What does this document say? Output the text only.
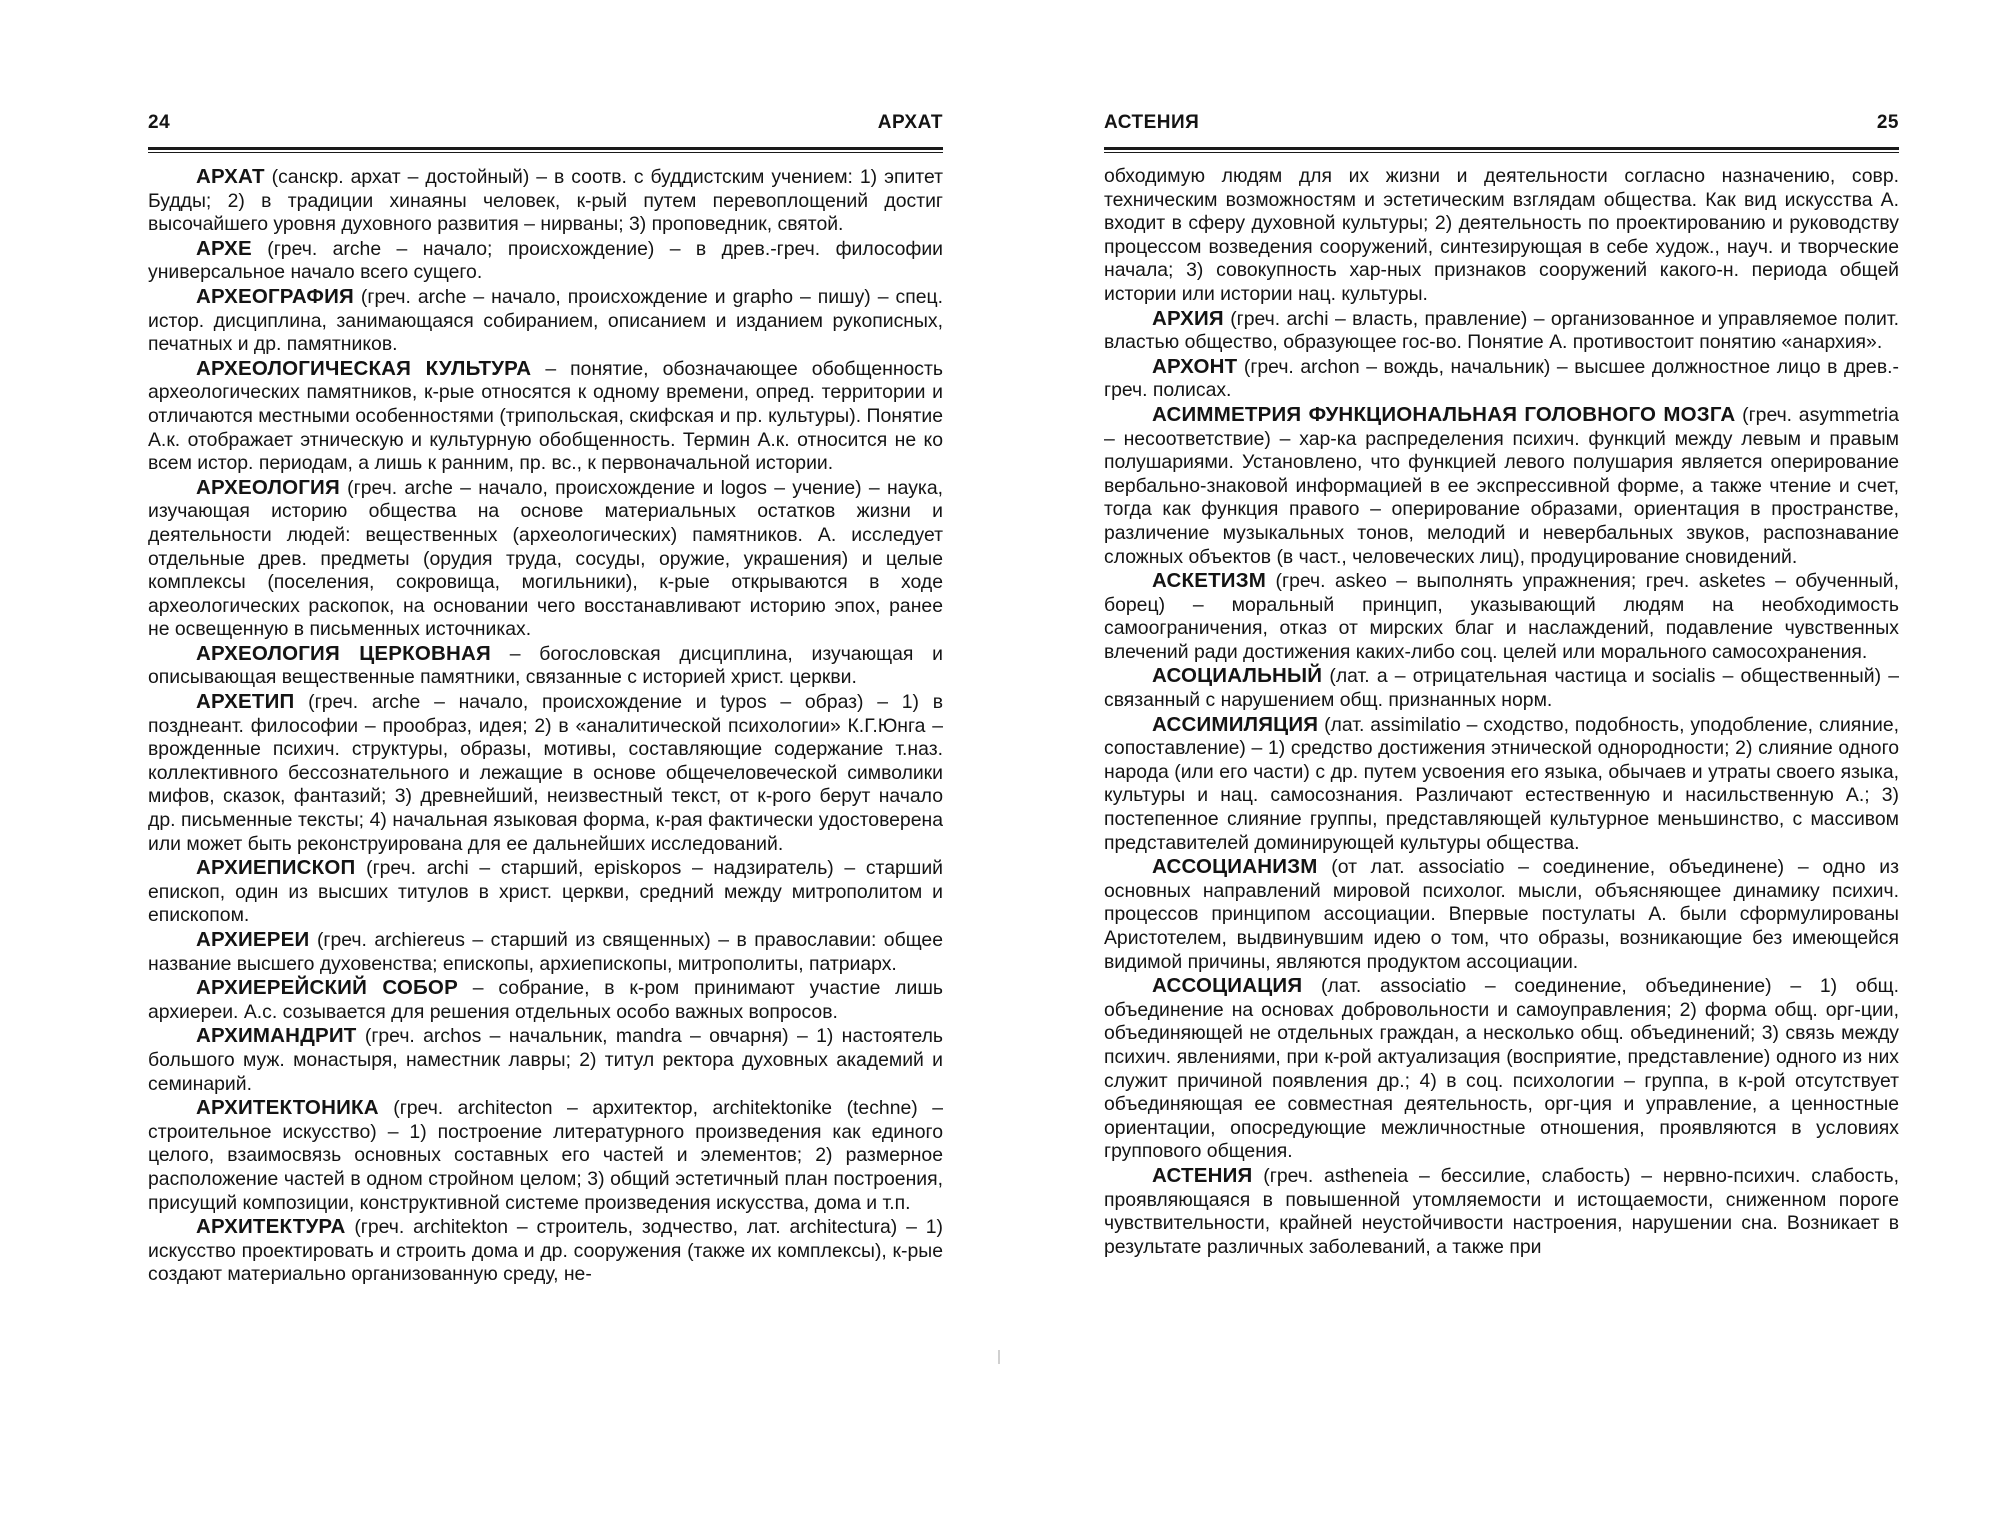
24	АРХАТ

АРХАТ (санскр. архат – достойный) – в соотв. с буддистским учением: 1) эпитет Будды; 2) в традиции хинаяны человек, к-рый путем перевоплощений достиг высочайшего уровня духовного развития – нирваны; 3) проповедник, святой.

АРХЕ (греч. arche – начало; происхождение) – в древ.-греч. философии универсальное начало всего сущего.

АРХЕОГРАФИЯ (греч. arche – начало, происхождение и grapho – пишу) – спец. истор. дисциплина, занимающаяся собиранием, описанием и изданием рукописных, печатных и др. памятников.

АРХЕОЛОГИЧЕСКАЯ КУЛЬТУРА – понятие, обозначающее обобщенность археологических памятников, к-рые относятся к одному времени, опред. территории и отличаются местными особенностями (трипольская, скифская и пр. культуры). Понятие А.к. отображает этническую и культурную обобщенность. Термин А.к. относится не ко всем истор. периодам, а лишь к ранним, пр. вс., к первоначальной истории.

АРХЕОЛОГИЯ (греч. arche – начало, происхождение и logos – учение) – наука, изучающая историю общества на основе материальных остатков жизни и деятельности людей: вещественных (археологических) памятников. А. исследует отдельные древ. предметы (орудия труда, сосуды, оружие, украшения) и целые комплексы (поселения, сокровища, могильники), к-рые открываются в ходе археологических раскопок, на основании чего восстанавливают историю эпох, ранее не освещенную в письменных источниках.

АРХЕОЛОГИЯ ЦЕРКОВНАЯ – богословская дисциплина, изучающая и описывающая вещественные памятники, связанные с историей христ. церкви.

АРХЕТИП (греч. arche – начало, происхождение и typos – образ) – 1) в позднеант. философии – прообраз, идея; 2) в «аналитической психологии» К.Г.Юнга – врожденные психич. структуры, образы, мотивы, составляющие содержание т.наз. коллективного бессознательного и лежащие в основе общечеловеческой символики мифов, сказок, фантазий; 3) древнейший, неизвестный текст, от к-рого берут начало др. письменные тексты; 4) начальная языковая форма, к-рая фактически удостоверена или может быть реконструирована для ее дальнейших исследований.

АРХИЕПИСКОП (греч. archi – старший, episkopos – надзиратель) – старший епископ, один из высших титулов в христ. церкви, средний между митрополитом и епископом.

АРХИЕРЕИ (греч. archiereus – старший из священных) – в православии: общее название высшего духовенства; епископы, архиепископы, митрополиты, патриарх.

АРХИЕРЕЙСКИЙ СОБОР – собрание, в к-ром принимают участие лишь архиереи. А.с. созывается для решения отдельных особо важных вопросов.

АРХИМАНДРИТ (греч. archos – начальник, mandra – овчарня) – 1) настоятель большого муж. монастыря, наместник лавры; 2) титул ректора духовных академий и семинарий.

АРХИТЕКТОНИКА (греч. architecton – архитектор, architektonike (techne) – строительное искусство) – 1) построение литературного произведения как единого целого, взаимосвязь основных составных его частей и элементов; 2) размерное расположение частей в одном стройном целом; 3) общий эстетичный план построения, присущий композиции, конструктивной системе произведения искусства, дома и т.п.

АРХИТЕКТУРА (греч. architekton – строитель, зодчество, лат. architectura) – 1) искусство проектировать и строить дома и др. сооружения (также их комплексы), к-рые создают материально организованную среду, не-

АСТЕНИЯ	25

обходимую людям для их жизни и деятельности согласно назначению, совр. техническим возможностям и эстетическим взглядам общества. Как вид искусства А. входит в сферу духовной культуры; 2) деятельность по проектированию и руководству процессом возведения сооружений, синтезирующая в себе худож., науч. и творческие начала; 3) совокупность хар-ных признаков сооружений какого-н. периода общей истории или истории нац. культуры.

АРХИЯ (греч. archi – власть, правление) – организованное и управляемое полит. властью общество, образующее гос-во. Понятие А. противостоит понятию «анархия».

АРХОНТ (греч. archon – вождь, начальник) – высшее должностное лицо в древ.-греч. полисах.

АСИММЕТРИЯ ФУНКЦИОНАЛЬНАЯ ГОЛОВНОГО МОЗГА (греч. asymmetria – несоответствие) – хар-ка распределения психич. функций между левым и правым полушариями. Установлено, что функцией левого полушария является оперирование вербально-знаковой информацией в ее экспрессивной форме, а также чтение и счет, тогда как функция правого – оперирование образами, ориентация в пространстве, различение музыкальных тонов, мелодий и невербальных звуков, распознавание сложных объектов (в част., человеческих лиц), продуцирование сновидений.

АСКЕТИЗМ (греч. askeo – выполнять упражнения; греч. asketes – обученный, борец) – моральный принцип, указывающий людям на необходимость самоограничения, отказ от мирских благ и наслаждений, подавление чувственных влечений ради достижения каких-либо соц. целей или морального самосохранения.

АСОЦИАЛЬНЫЙ (лат. a – отрицательная частица и socialis – общественный) – связанный с нарушением общ. признанных норм.

АССИМИЛЯЦИЯ (лат. assimilatio – сходство, подобность, уподобление, слияние, сопоставление) – 1) средство достижения этнической однородности; 2) слияние одного народа (или его части) с др. путем усвоения его языка, обычаев и утраты своего языка, культуры и нац. самосознания. Различают естественную и насильственную А.; 3) постепенное слияние группы, представляющей культурное меньшинство, с массивом представителей доминирующей культуры общества.

АССОЦИАНИЗМ (от лат. associatio – соединение, объединене) – одно из основных направлений мировой психолог. мысли, объясняющее динамику психич. процессов принципом ассоциации. Впервые постулаты А. были сформулированы Аристотелем, выдвинувшим идею о том, что образы, возникающие без имеющейся видимой причины, являются продуктом ассоциации.

АССОЦИАЦИЯ (лат. associatio – соединение, объединение) – 1) общ. объединение на основах добровольности и самоуправления; 2) форма общ. орг-ции, объединяющей не отдельных граждан, а несколько общ. объединений; 3) связь между психич. явлениями, при к-рой актуализация (восприятие, представление) одного из них служит причиной появления др.; 4) в соц. психологии – группа, в к-рой отсутствует объединяющая ее совместная деятельность, орг-ция и управление, а ценностные ориентации, опосредующие межличностные отношения, проявляются в условиях группового общения.

АСТЕНИЯ (греч. astheneia – бессилие, слабость) – нервно-психич. слабость, проявляющаяся в повышенной утомляемости и истощаемости, сниженном пороге чувствительности, крайней неустойчивости настроения, нарушении сна. Возникает в результате различных заболеваний, а также при
